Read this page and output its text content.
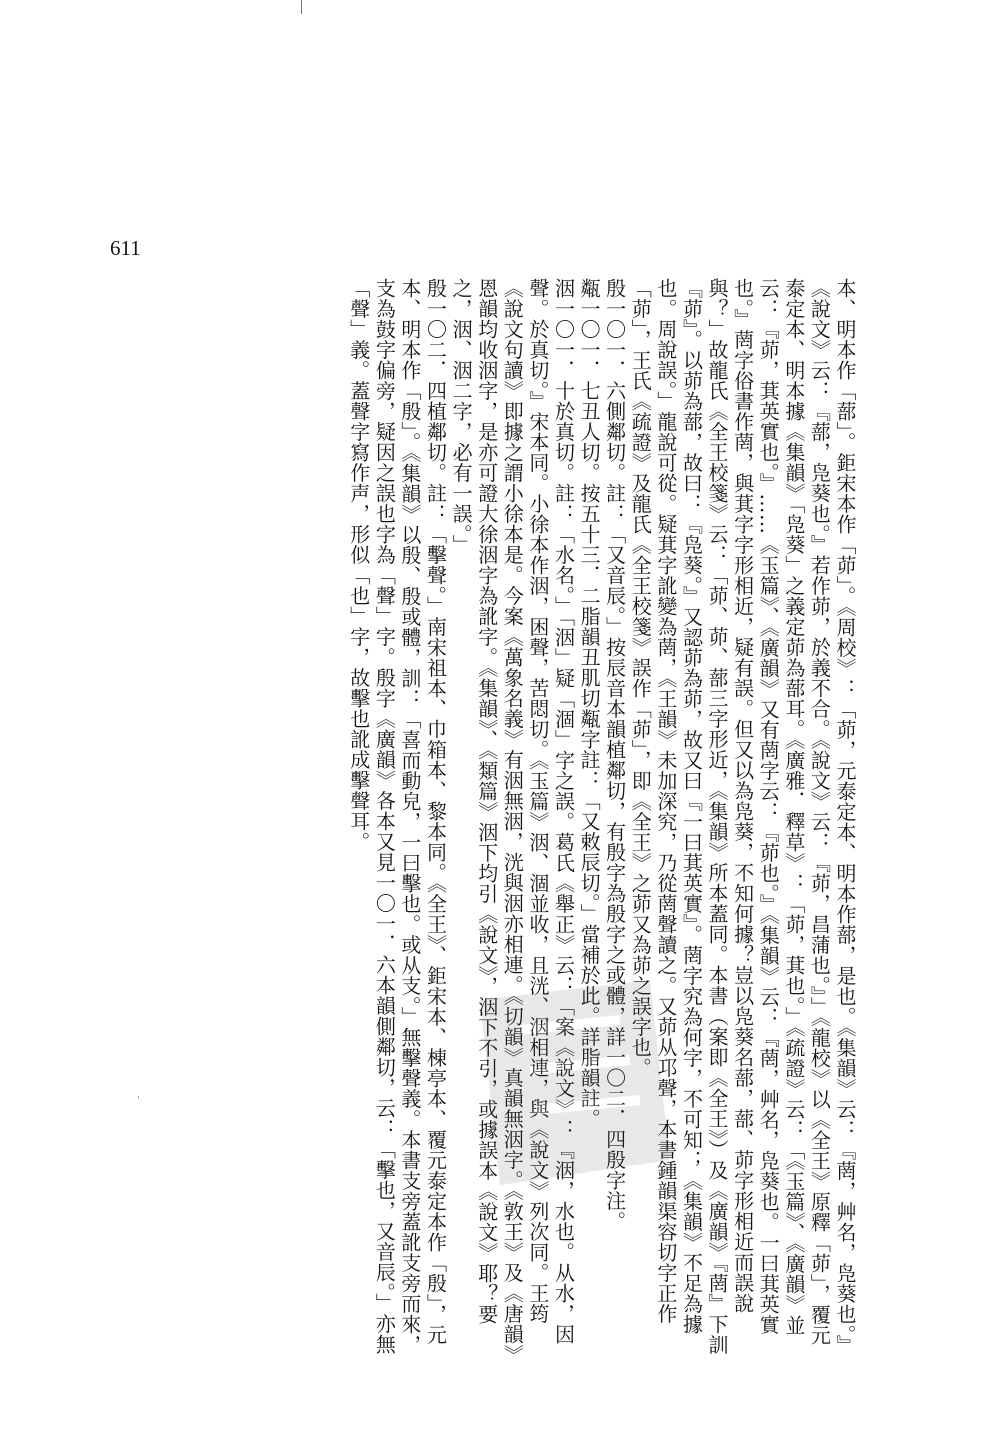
611

本、明本作「蔀」。鉅宋本作「茆」。《周校》：「茆，元泰定本、明本作蔀，是也。《集韻》云：『菵，艸名，凫葵也。』《說文》云：『蔀，凫葵也。』若作茆，於義不合。《說文》云：『茆，昌蒲也。』」《龍校》以《全王》原釋「茆」，覆元泰定本、明本據《集韻》「凫葵」之義定茆為蔀耳。《廣雅．釋草》：「茆，萁也。」《疏證》云：「《玉篇》、《廣韻》並云：『茆，萁英實也。』……《玉篇》、《廣韻》又有菵字云：『茆也。』《集韻》云：『菵，艸名，凫葵也。一曰萁英實也。』菵字俗書作菵，與萁字字形相近，疑有誤。但又以為凫葵，不知何據？豈以凫葵名蔀，蔀、茆字形相近而誤說與？」故龍氏《全王校箋》云：「茆、茆、蔀三字形近，《集韻》所本蓋同。本書（案即《全王》）及《廣韻》『菵』下訓『茆』。以茆為蔀，故曰：『凫葵。』又認茆為茆，故又曰『一曰萁英實』。菵字究為何字，不可知；《集韻》不足為據也。周說誤。」龍說可從。疑萁字訛變為菵，《王韻》未加深究，乃從菵聲讀之。又茆从邛聲，本書鍾韻渠容切字正作「茆」，王氏《疏證》及龍氏《全王校箋》誤作「茆」，即《全王》之茆又為茆之誤字也。

殷一〇一．六側鄰切。註：「又音辰。」按辰音本韻植鄰切，有殷字為殷字之或體，詳一〇二．四殷字注。

甐一〇一．七丑人切。按五十三．二脂韻丑肌切甐字註：「又敕辰切。」當補於此。詳脂韻註。

洇一〇一．十於真切。註：「水名。」「洇」疑「涸」字之誤。葛氏《舉正》云：「案《說文》：『洇，水也。从水，因聲。於真切。』宋本同。小徐本作洇，困聲，苦悶切。《玉篇》洇、涸並收，且洸、洇相連，與《說文》列次同。王筠《說文句讀》即據之謂小徐本是。今案《萬象名義》有洇無洇，洸與洇亦相連。《切韻》真韻無洇字。《敦王》及《唐韻》恩韻均收洇字，是亦可證大徐洇字為訛字。《集韻》、《類篇》洇下均引《說文》，洇下不引，或據誤本《說文》耶？要之，洇、洇二字，必有一誤。」

殷一〇二．四植鄰切。註：「擊聲。」南宋祖本、巾箱本、黎本同。《全王》、鉅宋本、棟亭本、覆元泰定本作「殷」，元本、明本作「殷」。《集韻》以殷、殷或體，訓：「喜而動皃，一曰擊也。或从支。」無擊聲義。本書支旁蓋訛支旁而來，支為鼓字偏旁，疑因之誤也字為「聲」字。殷字《廣韻》各本又見一〇一．六本韻側鄰切，云：「擊也，又音辰。」亦無「聲」義。蓋聲字寫作声，形似「也」字，故擊也訛成擊聲耳。

'
